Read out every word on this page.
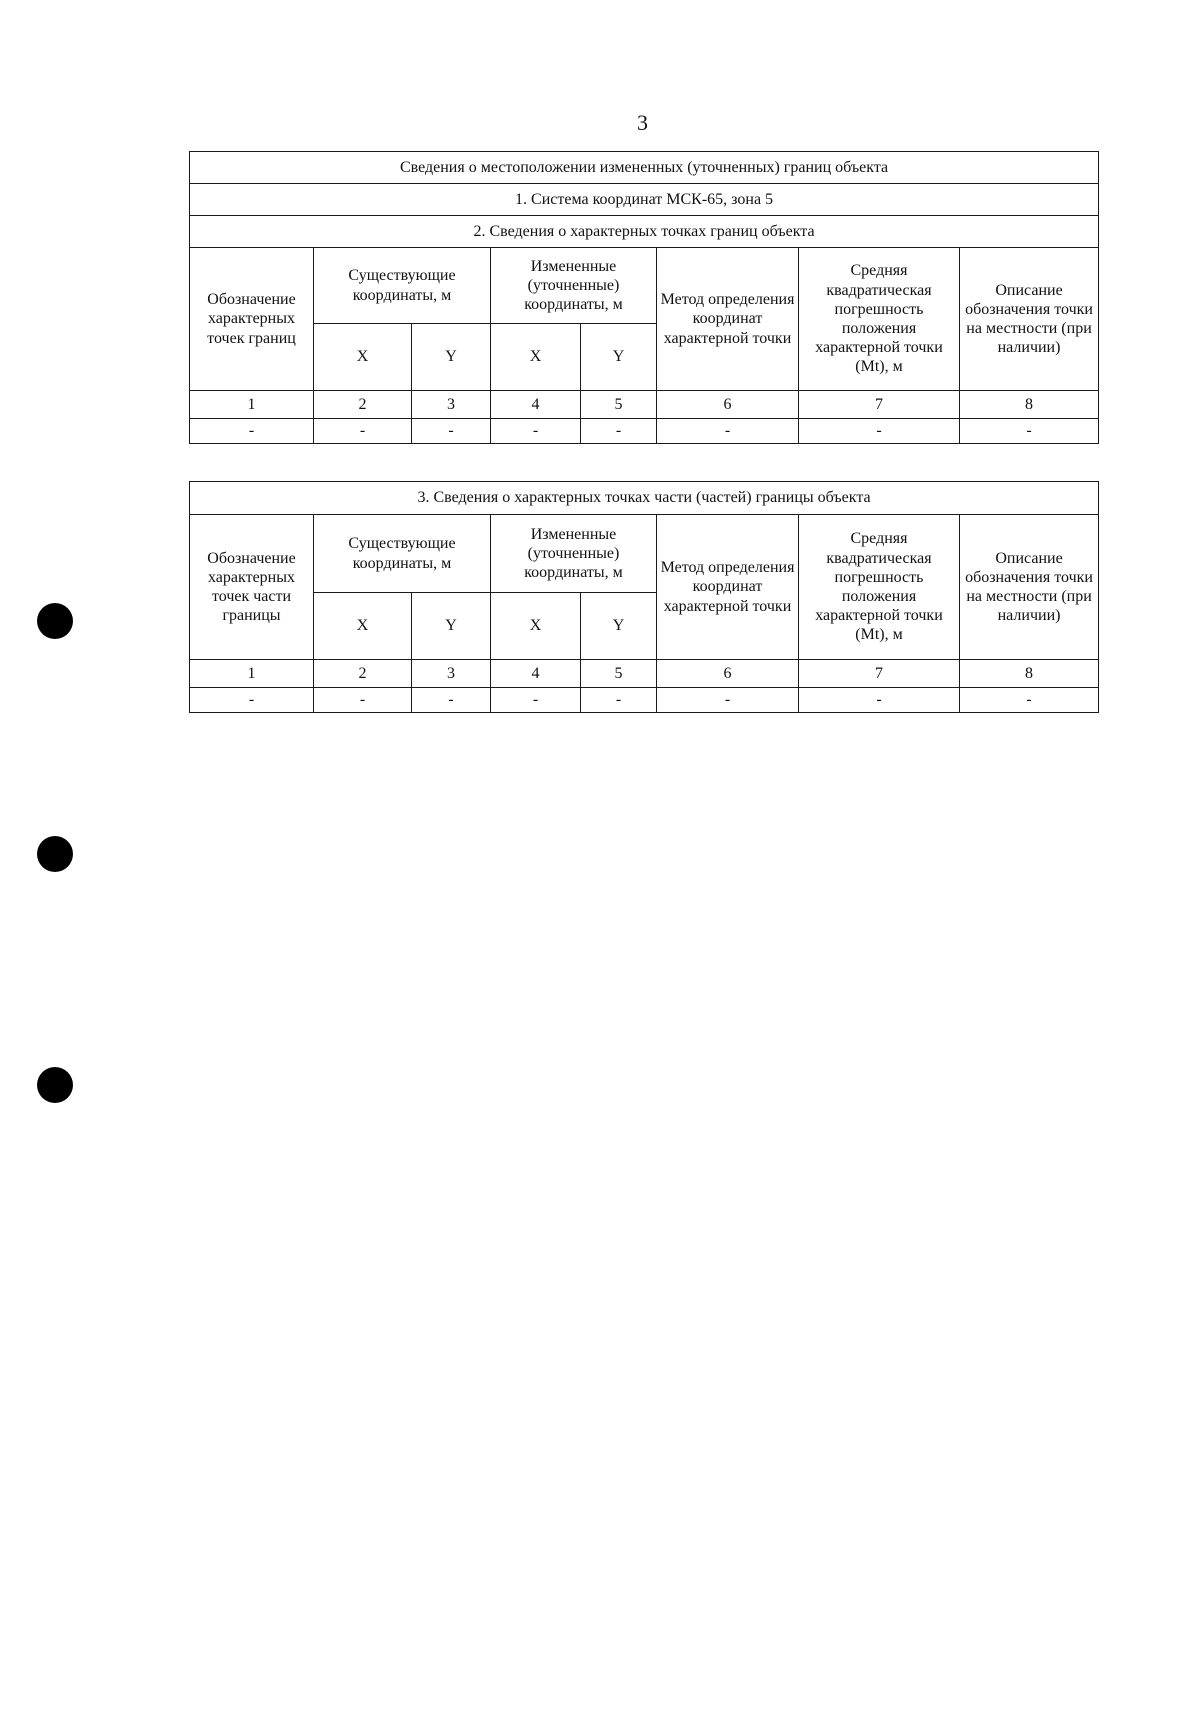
3
Сведения о местоположении измененных (уточненных) границ объекта							
1. Система координат МСК-65, зона 5							
2. Сведения о характерных точках границ объекта							
Обозначение характерных точек границ	Существующие координаты, м		Измененные (уточненные) координаты, м		Метод определения координат характерной точки	Средняя квадратическая погрешность положения характерной точки (Mt), м	Описание обозначения точки на местности (при наличии)
	X	Y	X	Y			
1	2	3	4	5	6	7	8
-	-	-	-	-	-	-	-
3. Сведения о характерных точках части (частей) границы объекта							
Обозначение характерных точек части границы	Существующие координаты, м		Измененные (уточненные) координаты, м		Метод определения координат характерной точки	Средняя квадратическая погрешность положения характерной точки (Mt), м	Описание обозначения точки на местности (при наличии)
	X	Y	X	Y			
1	2	3	4	5	6	7	8
-	-	-	-	-	-	-	-
